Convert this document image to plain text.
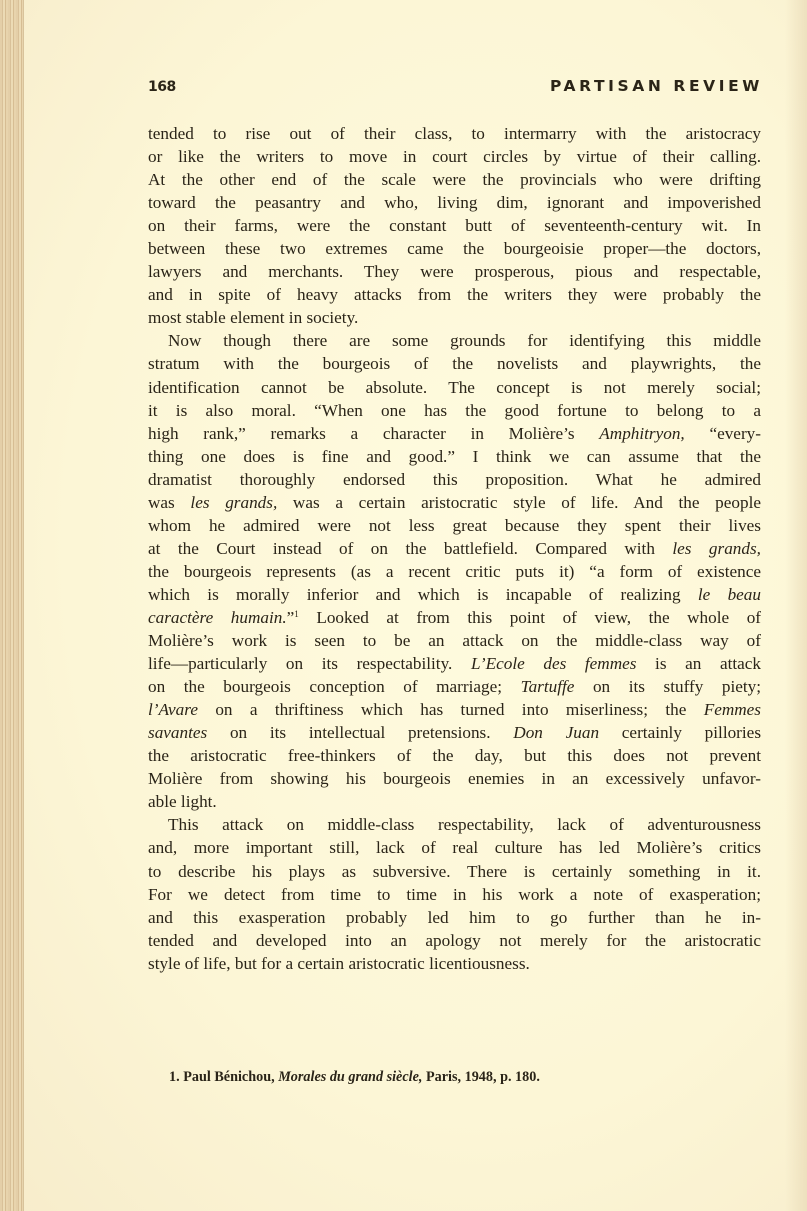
168	PARTISAN REVIEW
tended to rise out of their class, to intermarry with the aristocracy
or like the writers to move in court circles by virtue of their calling.
At the other end of the scale were the provincials who were drifting
toward the peasantry and who, living dim, ignorant and impoverished
on their farms, were the constant butt of seventeenth-century wit. In
between these two extremes came the bourgeoisie proper—the doctors,
lawyers and merchants. They were prosperous, pious and respectable,
and in spite of heavy attacks from the writers they were probably the
most stable element in society.
Now though there are some grounds for identifying this middle
stratum with the bourgeois of the novelists and playwrights, the
identification cannot be absolute. The concept is not merely social;
it is also moral. “When one has the good fortune to belong to a
high rank,” remarks a character in Molière’s Amphitryon, “every-
thing one does is fine and good.” I think we can assume that the
dramatist thoroughly endorsed this proposition. What he admired
was les grands, was a certain aristocratic style of life. And the people
whom he admired were not less great because they spent their lives
at the Court instead of on the battlefield. Compared with les grands,
the bourgeois represents (as a recent critic puts it) “a form of existence
which is morally inferior and which is incapable of realizing le beau
caractère humain.”$^1$ Looked at from this point of view, the whole of
Molière’s work is seen to be an attack on the middle-class way of
life—particularly on its respectability. L’Ecole des femmes is an attack
on the bourgeois conception of marriage; Tartuffe on its stuffy piety;
l’Avare on a thriftiness which has turned into miserliness; the Femmes
savantes on its intellectual pretensions. Don Juan certainly pillories
the aristocratic free-thinkers of the day, but this does not prevent
Molière from showing his bourgeois enemies in an excessively unfavor-
able light.
This attack on middle-class respectability, lack of adventurousness
and, more important still, lack of real culture has led Molière’s critics
to describe his plays as subversive. There is certainly something in it.
For we detect from time to time in his work a note of exasperation;
and this exasperation probably led him to go further than he in-
tended and developed into an apology not merely for the aristocratic
style of life, but for a certain aristocratic licentiousness.
1. Paul Bénichou, Morales du grand siècle, Paris, 1948, p. 180.
